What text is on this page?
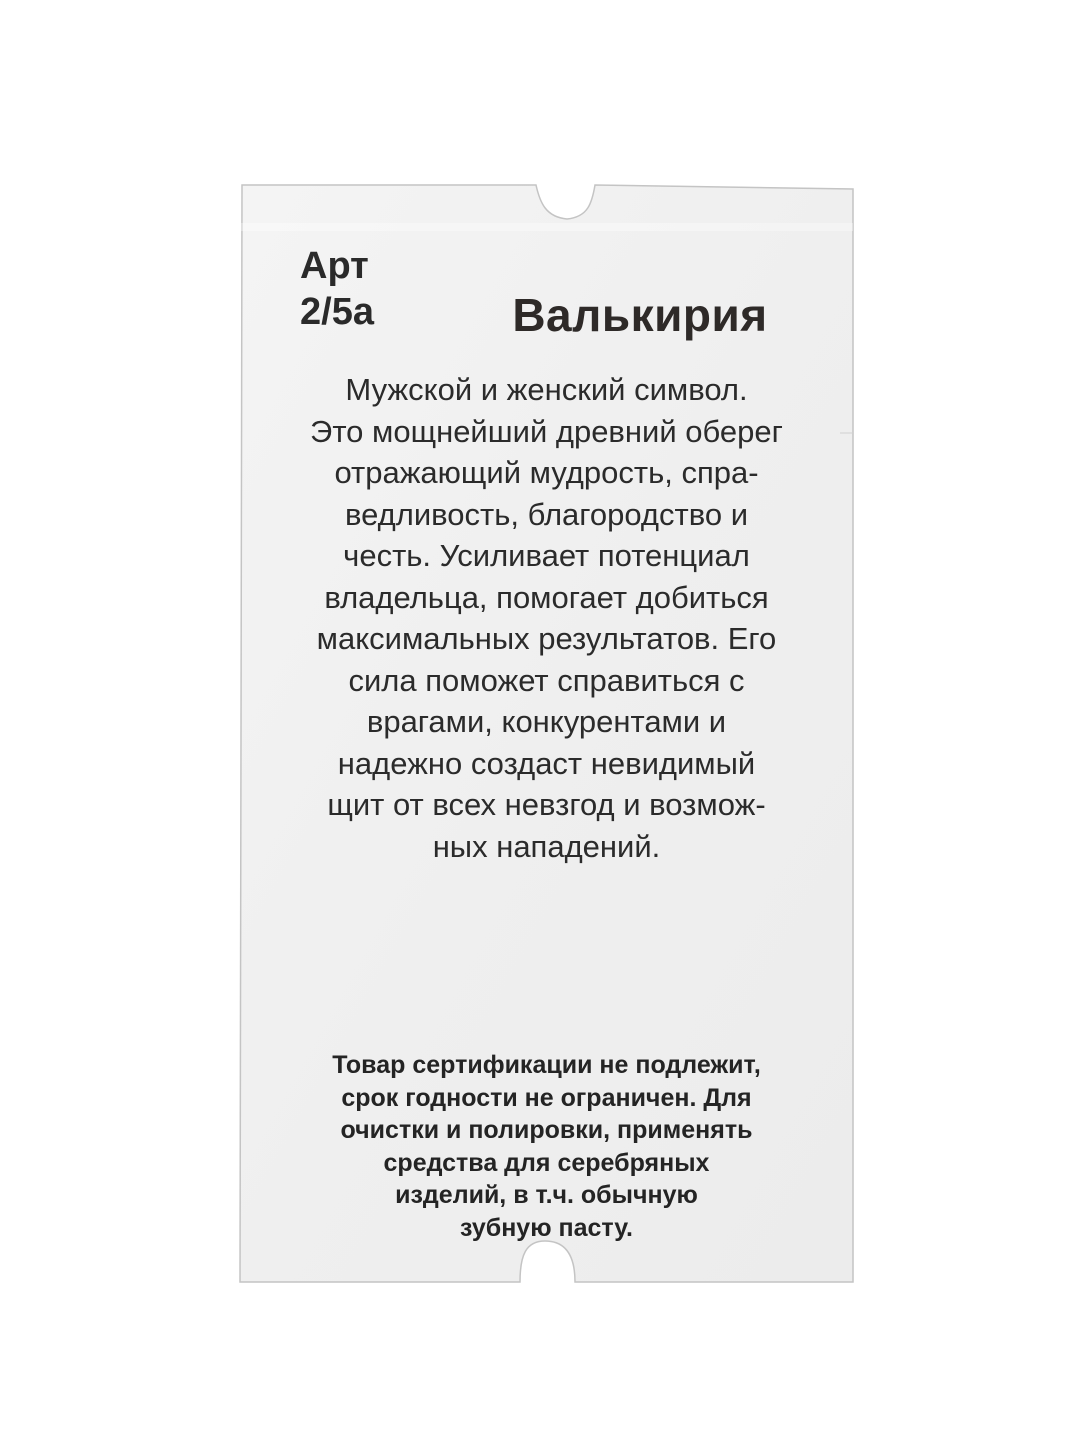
Арт
2/5а	Валькирия
Мужской и женский символ.
Это мощнейший древний оберег
отражающий мудрость, спра-
ведливость, благородство и
честь. Усиливает потенциал
владельца, помогает добиться
максимальных результатов. Его
сила поможет справиться с
врагами, конкурентами и
надежно создаст невидимый
щит от всех невзгод и возмож-
ных нападений.
Товар сертификации не подлежит,
срок годности не ограничен. Для
очистки и полировки, применять
средства для серебряных
изделий, в т.ч. обычную
зубную пасту.
